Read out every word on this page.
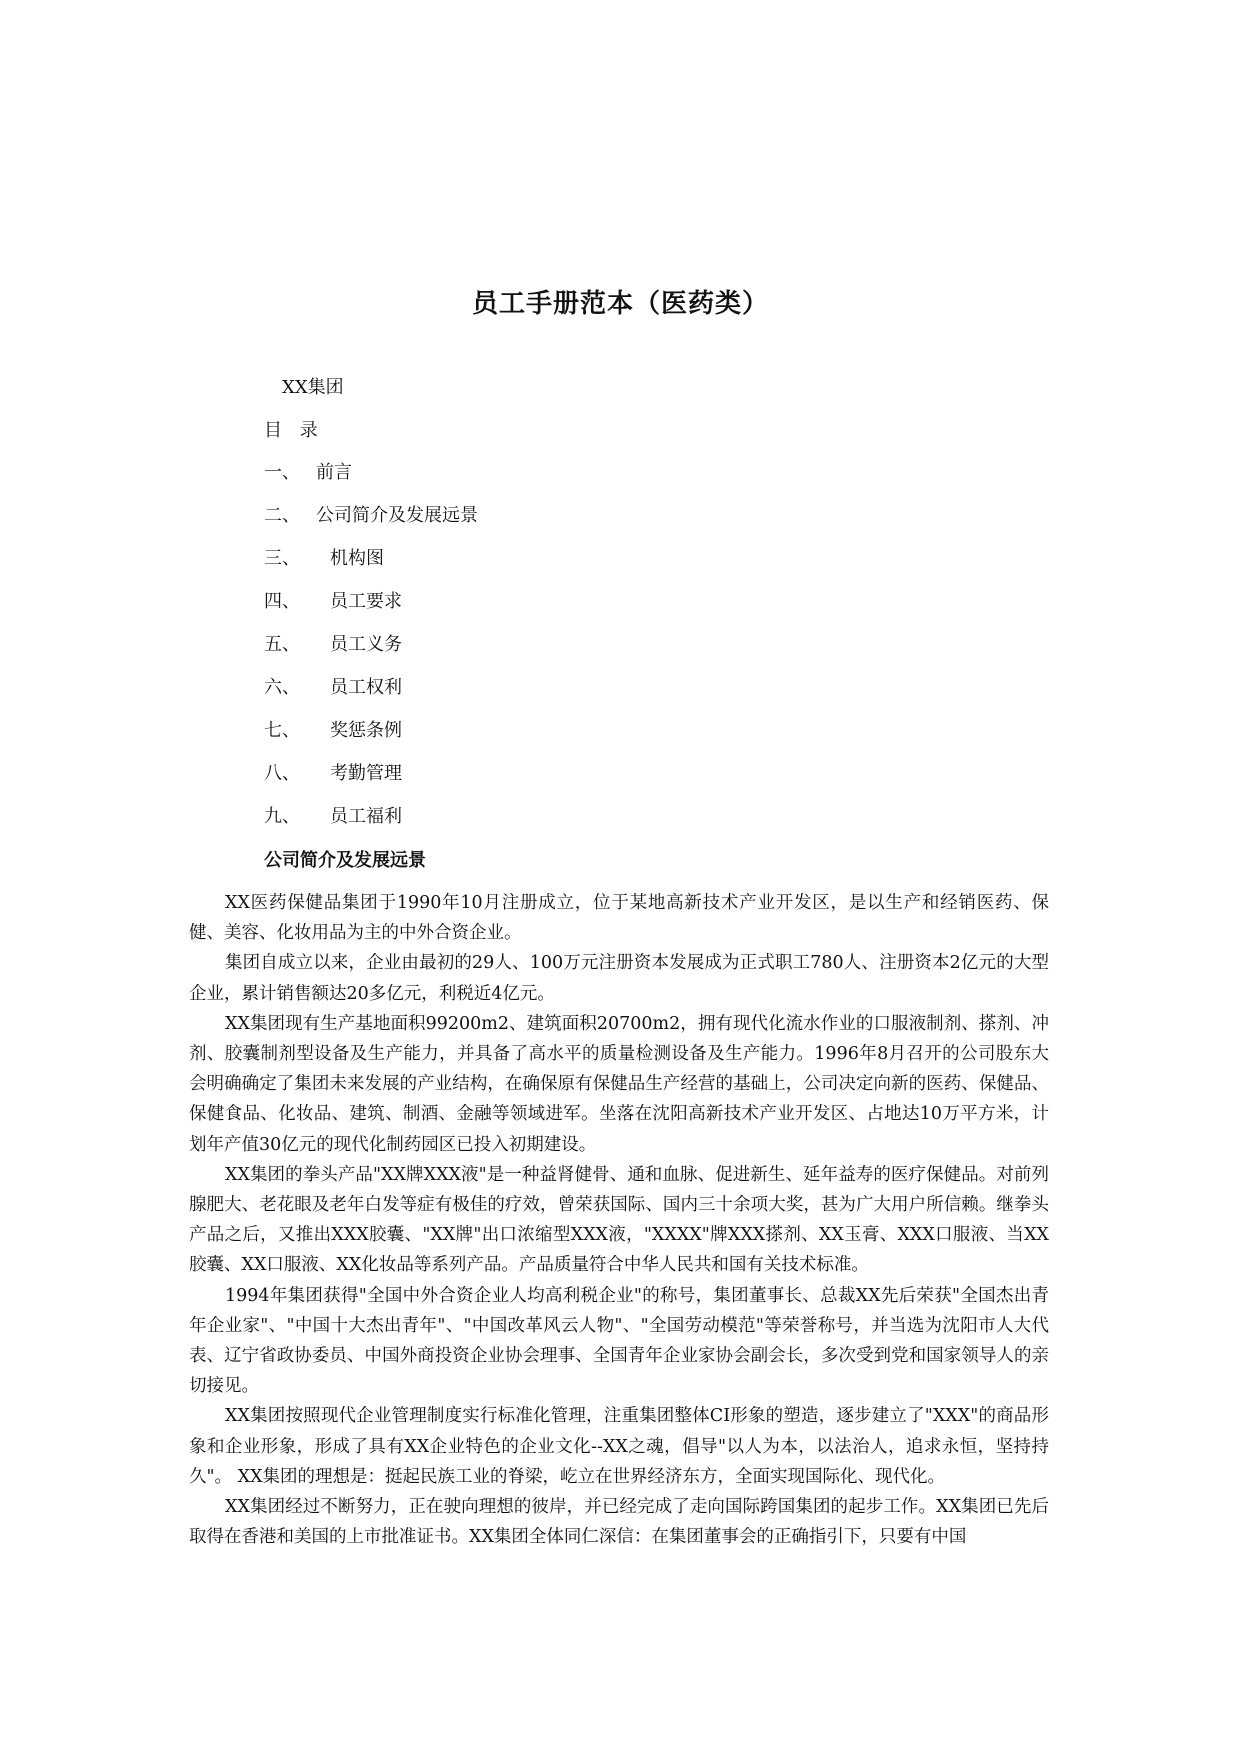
员工手册范本（医药类）
XX集团
目 录
一、 前言
二、 公司简介及发展远景
三、	机构图
四、	员工要求
五、	员工义务
六、	员工权利
七、	奖惩条例
八、	考勤管理
九、	员工福利
公司简介及发展远景

XX医药保健品集团于1990年10月注册成立，位于某地高新技术产业开发区，是以生产和经销医药、保健、美容、化妆用品为主的中外合资企业。

集团自成立以来，企业由最初的29人、100万元注册资本发展成为正式职工780人、注册资本2亿元的大型企业，累计销售额达20多亿元，利税近4亿元。

XX集团现有生产基地面积99200m2、建筑面积20700m2，拥有现代化流水作业的口服液制剂、搽剂、冲剂、胶囊制剂型设备及生产能力，并具备了高水平的质量检测设备及生产能力。1996年8月召开的公司股东大会明确确定了集团未来发展的产业结构，在确保原有保健品生产经营的基础上，公司决定向新的医药、保健品、保健食品、化妆品、建筑、制酒、金融等领域进军。坐落在沈阳高新技术产业开发区、占地达10万平方米，计划年产值30亿元的现代化制药园区已投入初期建设。

XX集团的拳头产品"XX牌XXX液"是一种益肾健骨、通和血脉、促进新生、延年益寿的医疗保健品。对前列腺肥大、老花眼及老年白发等症有极佳的疗效，曾荣获国际、国内三十余项大奖，甚为广大用户所信赖。继拳头产品之后，又推出XXX胶囊、"XX牌"出口浓缩型XXX液，"XXXX"牌XXX搽剂、XX玉膏、XXX口服液、当XX胶囊、XX口服液、XX化妆品等系列产品。产品质量符合中华人民共和国有关技术标准。

1994年集团获得"全国中外合资企业人均高利税企业"的称号，集团董事长、总裁XX先后荣获"全国杰出青年企业家"、"中国十大杰出青年"、"中国改革风云人物"、"全国劳动模范"等荣誉称号，并当选为沈阳市人大代表、辽宁省政协委员、中国外商投资企业协会理事、全国青年企业家协会副会长，多次受到党和国家领导人的亲切接见。

XX集团按照现代企业管理制度实行标准化管理，注重集团整体CI形象的塑造，逐步建立了"XXX"的商品形象和企业形象，形成了具有XX企业特色的企业文化--XX之魂，倡导"以人为本，以法治人，追求永恒，坚持持久"。 XX集团的理想是：挺起民族工业的脊梁，屹立在世界经济东方，全面实现国际化、现代化。

XX集团经过不断努力，正在驶向理想的彼岸，并已经完成了走向国际跨国集团的起步工作。XX集团已先后取得在香港和美国的上市批准证书。XX集团全体同仁深信：在集团董事会的正确指引下，只要有中国
